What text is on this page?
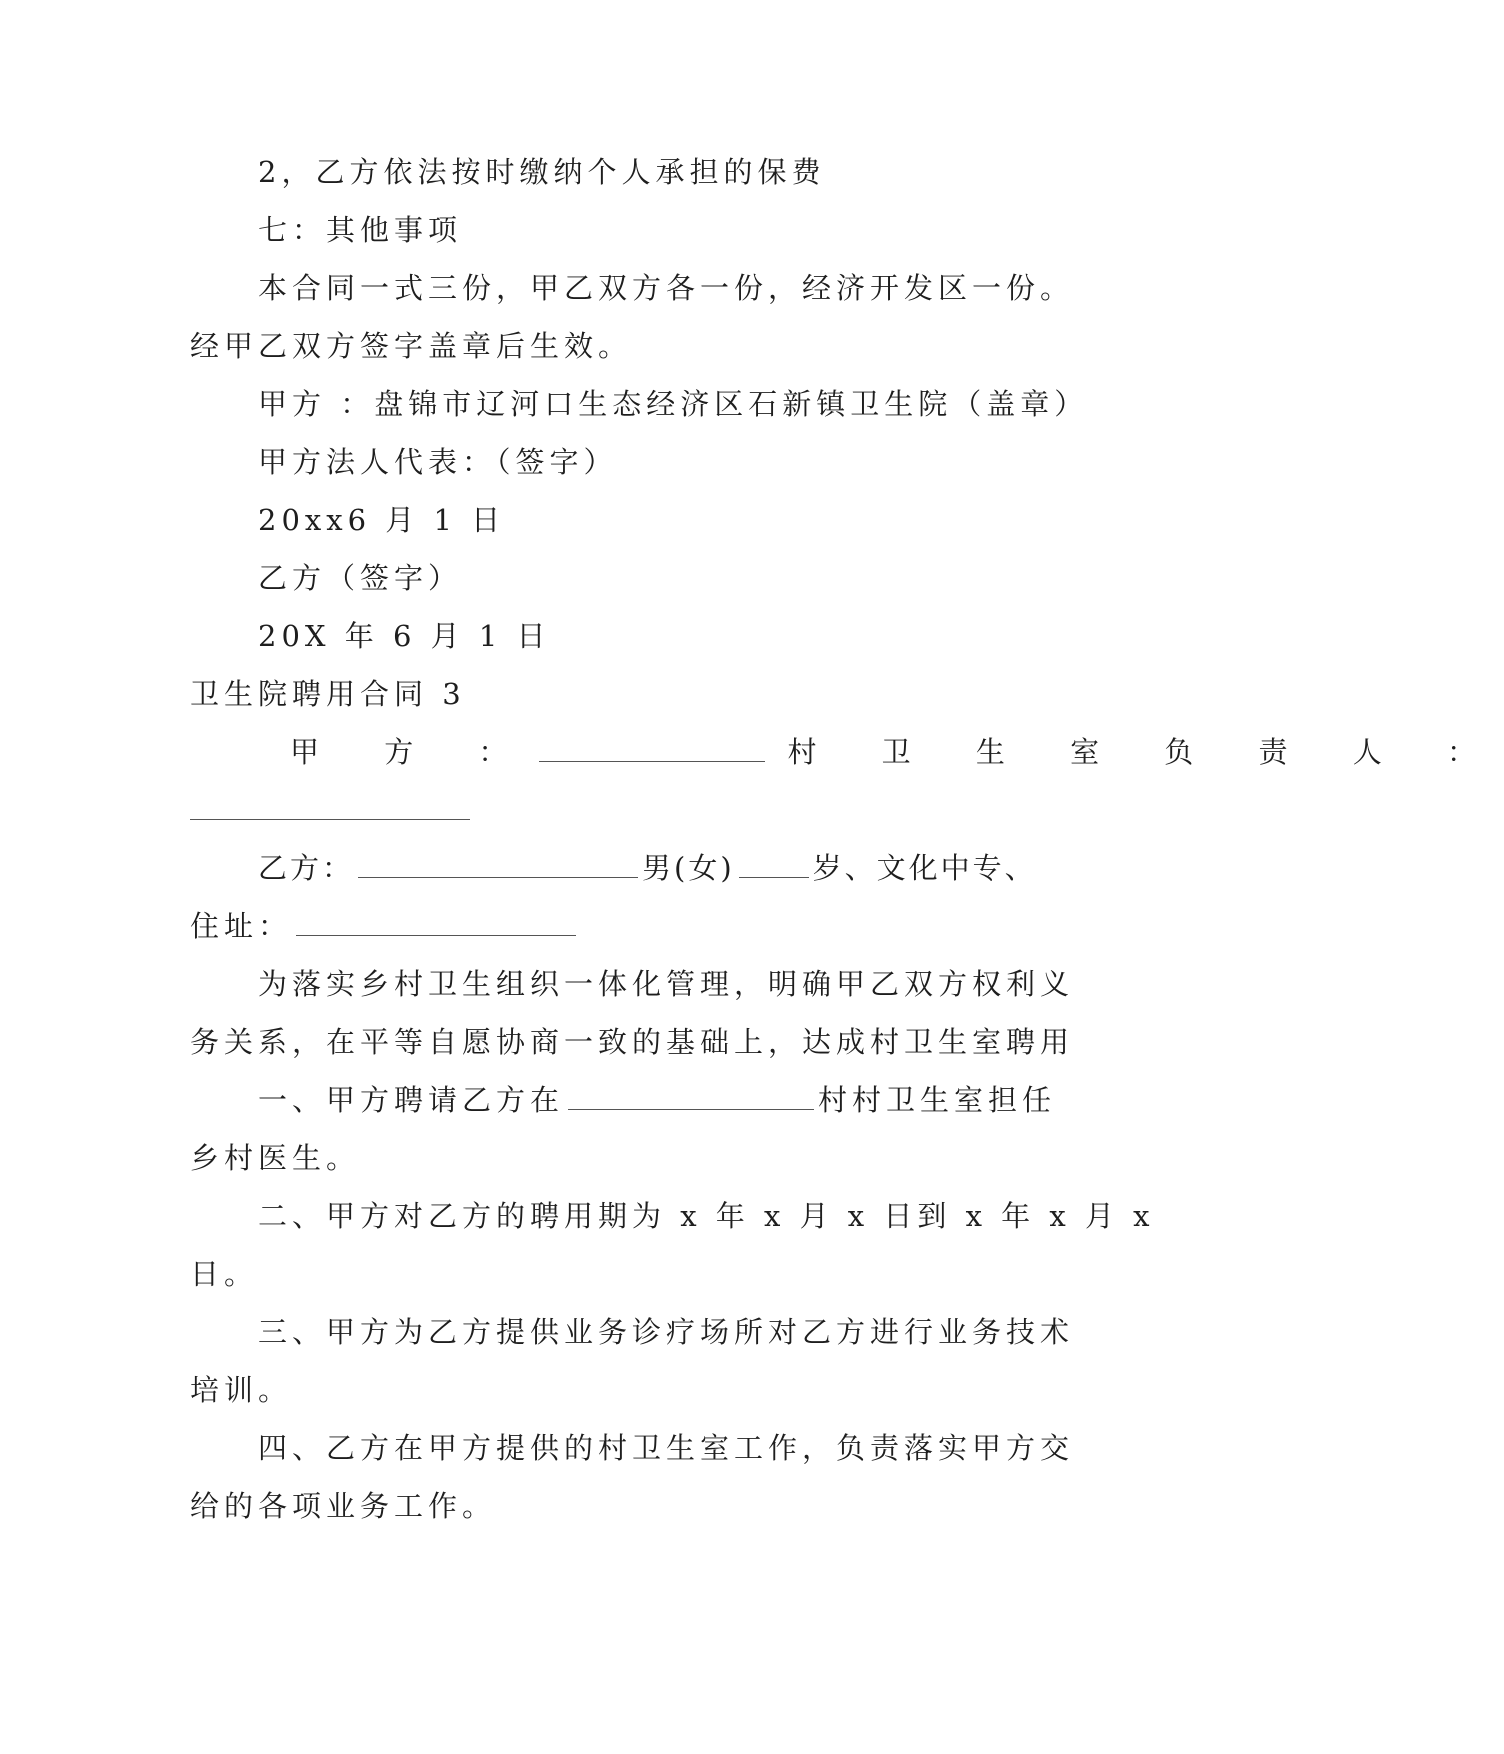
2，乙方依法按时缴纳个人承担的保费
七：其他事项
本合同一式三份，甲乙双方各一份，经济开发区一份。
经甲乙双方签字盖章后生效。
甲方 ：盘锦市辽河口生态经济区石新镇卫生院（盖章）
甲方法人代表：（签字）
20xx6 月 1 日
乙方（签字）
20X 年 6 月 1 日
卫生院聘用合同 3
甲 方 ：	村 卫 生 室 负 责 人 ：
乙方：	男(女)	岁、文化中专、
住址：
为落实乡村卫生组织一体化管理，明确甲乙双方权利义
务关系，在平等自愿协商一致的基础上，达成村卫生室聘用
一、甲方聘请乙方在	村村卫生室担任
乡村医生。
二、甲方对乙方的聘用期为 x 年 x 月 x 日到 x 年 x 月 x
日。
三、甲方为乙方提供业务诊疗场所对乙方进行业务技术
培训。
四、乙方在甲方提供的村卫生室工作，负责落实甲方交
给的各项业务工作。
